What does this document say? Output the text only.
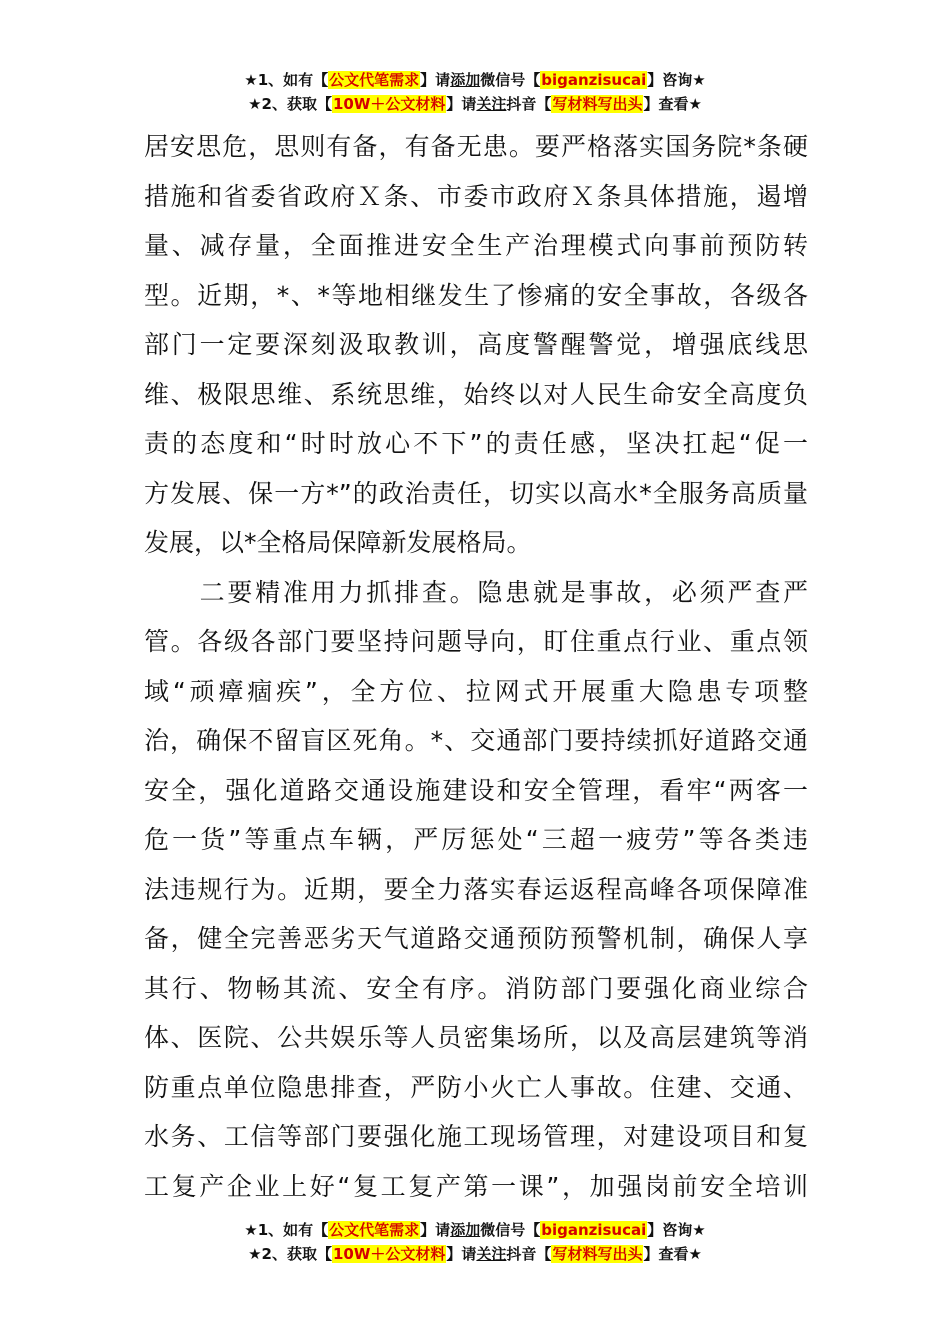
★1、如有【公文代笔需求】请添加微信号【biganzisucai】咨询★
★2、获取【10W＋公文材料】请关注抖音【写材料写出头】查看★

居安思危，思则有备，有备无患。要严格落实国务院*条硬
措施和省委省政府Ｘ条、市委市政府Ｘ条具体措施，遏增
量、减存量，全面推进安全生产治理模式向事前预防转
型。近期，*、*等地相继发生了惨痛的安全事故，各级各
部门一定要深刻汲取教训，高度警醒警觉，增强底线思
维、极限思维、系统思维，始终以对人民生命安全高度负
责的态度和“时时放心不下”的责任感，坚决扛起“促一
方发展、保一方*”的政治责任，切实以高水*全服务高质量
发展，以*全格局保障新发展格局。

　　二要精准用力抓排查。隐患就是事故，必须严查严
管。各级各部门要坚持问题导向，盯住重点行业、重点领
域“顽瘴痼疾”，全方位、拉网式开展重大隐患专项整
治，确保不留盲区死角。*、交通部门要持续抓好道路交通
安全，强化道路交通设施建设和安全管理，看牢“两客一
危一货”等重点车辆，严厉惩处“三超一疲劳”等各类违
法违规行为。近期，要全力落实春运返程高峰各项保障准
备，健全完善恶劣天气道路交通预防预警机制，确保人享
其行、物畅其流、安全有序。消防部门要强化商业综合
体、医院、公共娱乐等人员密集场所，以及高层建筑等消
防重点单位隐患排查，严防小火亡人事故。住建、交通、
水务、工信等部门要强化施工现场管理，对建设项目和复
工复产企业上好“复工复产第一课”，加强岗前安全培训

★1、如有【公文代笔需求】请添加微信号【biganzisucai】咨询★
★2、获取【10W＋公文材料】请关注抖音【写材料写出头】查看★
